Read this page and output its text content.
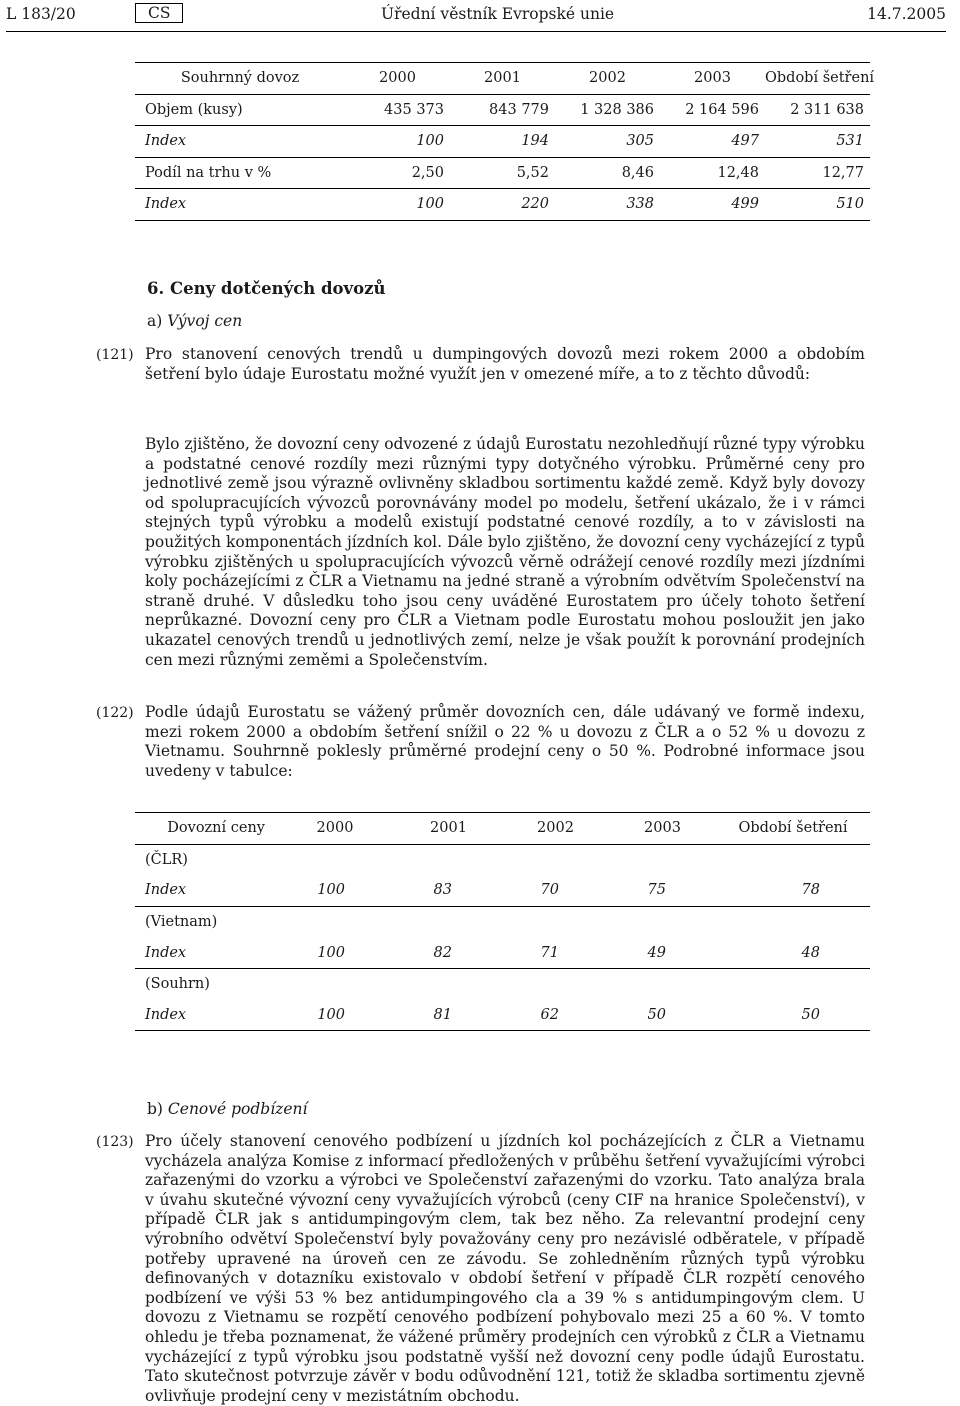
L 183/20	CS	Úřední věstník Evropské unie	14.7.2005
Souhrnný dovoz	2000	2001	2002	2003	Období šetření
Objem (kusy)	435 373	843 779	1 328 386	2 164 596	2 311 638
Index	100	194	305	497	531
Podíl na trhu v %	2,50	5,52	8,46	12,48	12,77
Index	100	220	338	499	510
6. Ceny dotčených dovozů
a) Vývoj cen
(121) Pro stanovení cenových trendů u dumpingových dovozů mezi rokem 2000 a obdobím šetření bylo údaje Eurostatu možné využít jen v omezené míře, a to z těchto důvodů:
Bylo zjištěno, že dovozní ceny odvozené z údajů Eurostatu nezohledňují různé typy výrobku a podstatné cenové rozdíly mezi různými typy dotyčného výrobku. Průměrné ceny pro jednotlivé země jsou výrazně ovlivněny skladbou sortimentu každé země. Když byly dovozy od spolupracujících vývozců porovnávány model po modelu, šetření ukázalo, že i v rámci stejných typů výrobku a modelů existují podstatné cenové rozdíly, a to v závislosti na použitých komponentách jízdních kol. Dále bylo zjištěno, že dovozní ceny vycházející z typů výrobku zjištěných u spolupracujících vývozců věrně odrážejí cenové rozdíly mezi jízdními koly pocházejícími z ČLR a Vietnamu na jedné straně a výrobním odvětvím Společenství na straně druhé. V důsledku toho jsou ceny uváděné Eurostatem pro účely tohoto šetření neprůkazné. Dovozní ceny pro ČLR a Vietnam podle Eurostatu mohou posloužit jen jako ukazatel cenových trendů u jednotlivých zemí, nelze je však použít k porovnání prodejních cen mezi různými zeměmi a Společenstvím.
(122) Podle údajů Eurostatu se vážený průměr dovozních cen, dále udávaný ve formě indexu, mezi rokem 2000 a obdobím šetření snížil o 22 % u dovozu z ČLR a o 52 % u dovozu z Vietnamu. Souhrnně poklesly průměrné prodejní ceny o 50 %. Podrobné informace jsou uvedeny v tabulce:
Dovozní ceny	2000	2001	2002	2003	Období šetření
(ČLR)					
Index	100	83	70	75	78
(Vietnam)					
Index	100	82	71	49	48
(Souhrn)					
Index	100	81	62	50	50
b) Cenové podbízení
(123) Pro účely stanovení cenového podbízení u jízdních kol pocházejících z ČLR a Vietnamu vycházela analýza Komise z informací předložených v průběhu šetření vyvažujícími výrobci zařazenými do vzorku a výrobci ve Společenství zařazenými do vzorku. Tato analýza brala v úvahu skutečné vývozní ceny vyvažujících výrobců (ceny CIF na hranice Společenství), v případě ČLR jak s antidumpingovým clem, tak bez něho. Za relevantní prodejní ceny výrobního odvětví Společenství byly považovány ceny pro nezávislé odběratele, v případě potřeby upravené na úroveň cen ze závodu. Se zohledněním různých typů výrobku definovaných v dotazníku existovalo v období šetření v případě ČLR rozpětí cenového podbízení ve výši 53 % bez antidumpingového cla a 39 % s antidumpingovým clem. U dovozu z Vietnamu se rozpětí cenového podbízení pohybovalo mezi 25 a 60 %. V tomto ohledu je třeba poznamenat, že vážené průměry prodejních cen výrobků z ČLR a Vietnamu vycházející z typů výrobku jsou podstatně vyšší než dovozní ceny podle údajů Eurostatu. Tato skutečnost potvrzuje závěr v bodu odůvodnění 121, totiž že skladba sortimentu zjevně ovlivňuje prodejní ceny v mezistátním obchodu.
